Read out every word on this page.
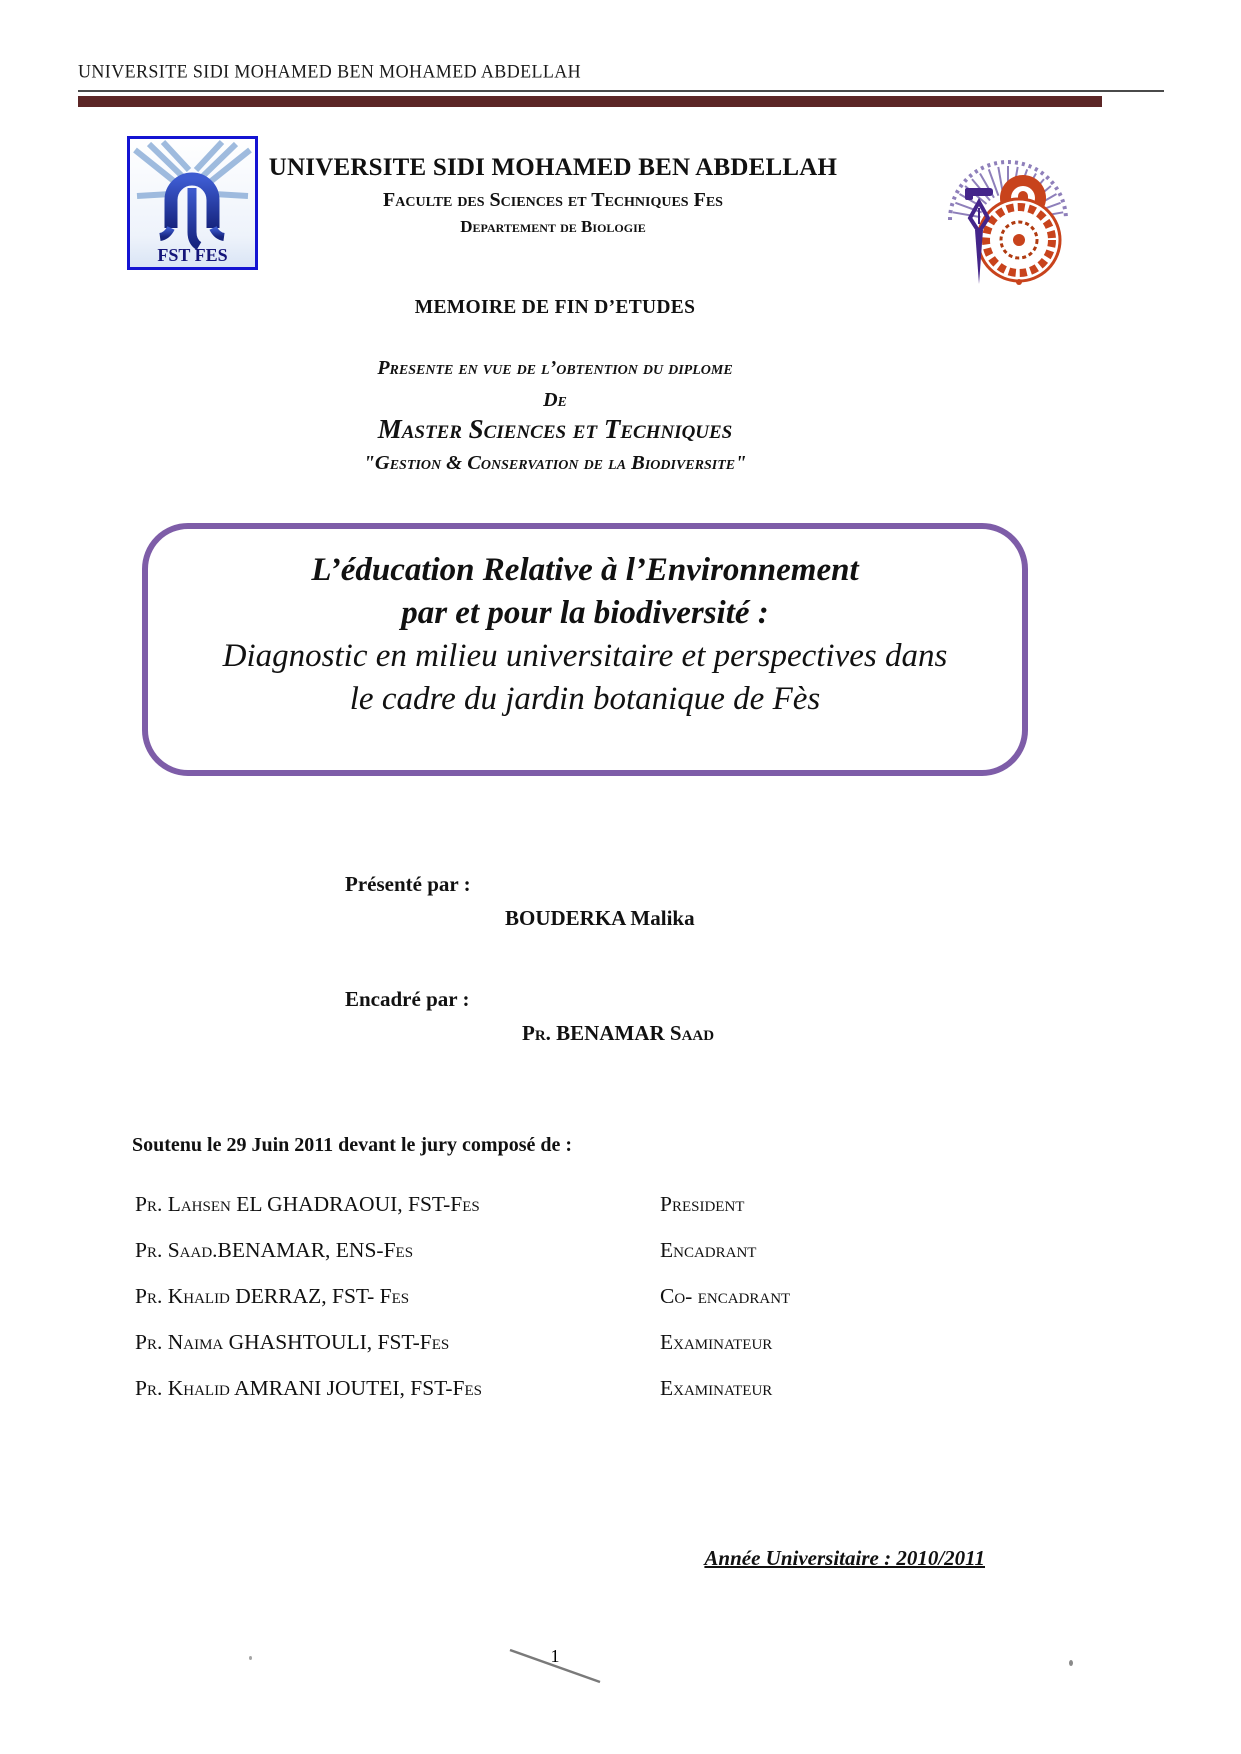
UNIVERSITE SIDI MOHAMED BEN MOHAMED ABDELLAH
FST FES
UNIVERSITE SIDI MOHAMED BEN ABDELLAH
Faculte des Sciences et Techniques Fes
Departement de Biologie
MEMOIRE DE FIN D’ETUDES
Presente en vue de l’obtention du diplome
De
Master Sciences et Techniques
"Gestion & Conservation de la Biodiversite"
L’éducation Relative à l’Environnement
par et pour la biodiversité :
Diagnostic en milieu universitaire et perspectives dans
le cadre du jardin botanique de Fès
Présenté par :
BOUDERKA Malika
Encadré par :
Pr. BENAMAR Saad
Soutenu le 29 Juin 2011 devant le jury composé de :
Pr. Lahsen EL GHADRAOUI, FST-Fes	President
Pr. Saad.BENAMAR, ENS-Fes	Encadrant
Pr. Khalid DERRAZ, FST- Fes	Co- encadrant
Pr. Naima GHASHTOULI, FST-Fes	Examinateur
Pr. Khalid AMRANI JOUTEI, FST-Fes	Examinateur
Année Universitaire : 2010/2011
1
